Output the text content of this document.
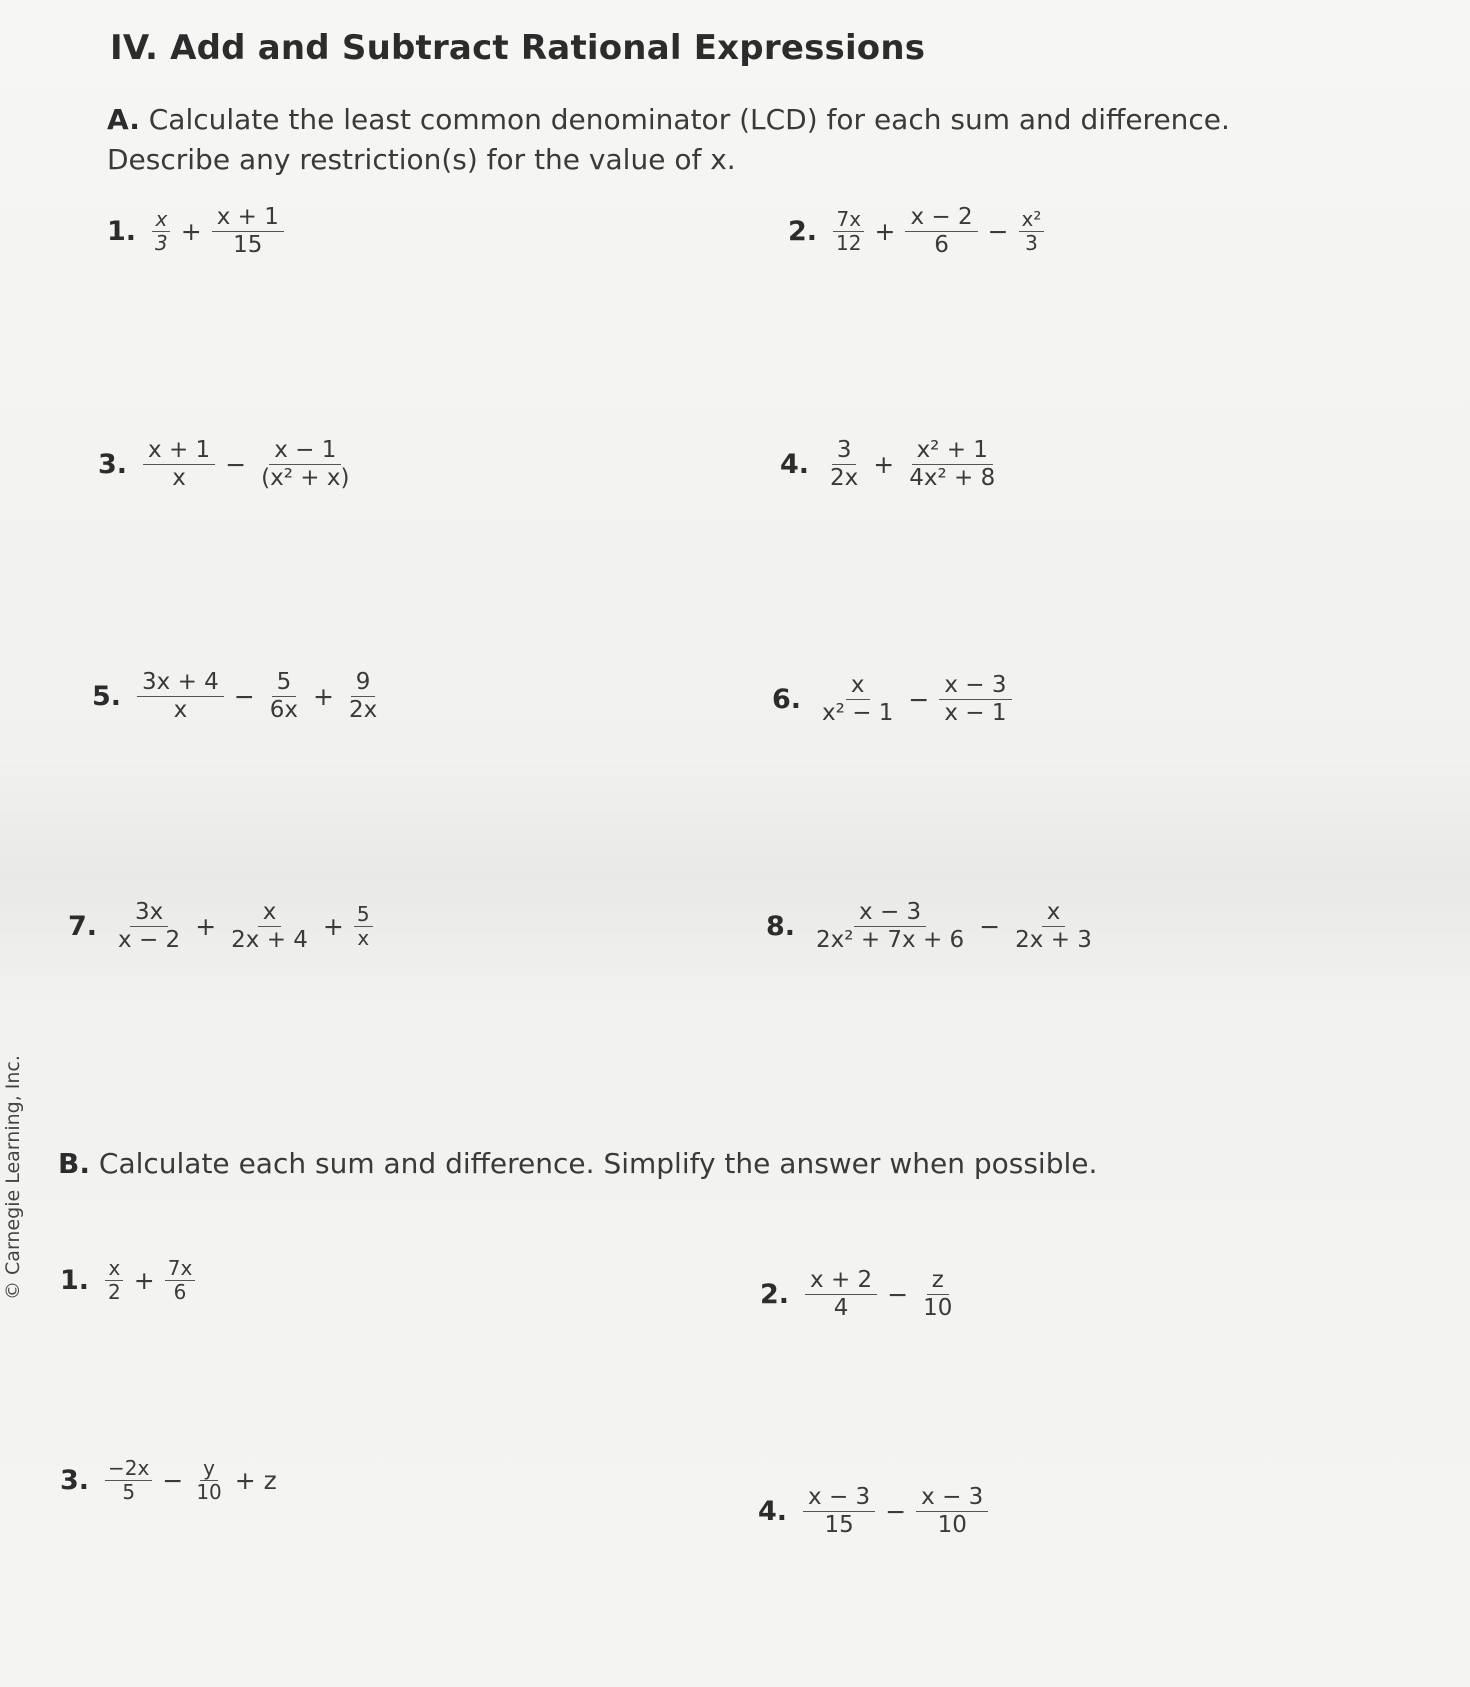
IV. Add and Subtract Rational Expressions
A. Calculate the least common denominator (LCD) for each sum and difference. Describe any restriction(s) for the value of x.
1. $\frac{x}{3} + \frac{x + 1}{15}$	2. $\frac{7x}{12} + \frac{x - 2}{6} - \frac{\text{x²}}{3}$
3. $\frac{x + 1}{x} - \frac{x - 1}{\text{(x² + x)}}$	4. $\frac{3}{2x} + \frac{\text{x² + 1}}{\text{4x² + 8}}$
5. $\frac{3x + 4}{x} - \frac{5}{6x} + \frac{9}{2x}$	6. $\frac{x}{\text{x² − 1}} - \frac{x - 3}{x - 1}$
7. $\frac{3x}{x - 2} + \frac{x}{2x + 4} + \frac{5}{x}$	8. $\frac{x - 3}{\text{2x² + 7x + 6}} - \frac{x}{2x + 3}$
B. Calculate each sum and difference. Simplify the answer when possible.
1. $\frac{x}{2} + \frac{7x}{6}$	2. $\frac{x + 2}{4} - \frac{z}{10}$
3. $\frac{-2x}{5} - \frac{y}{10} + z$
4. $\frac{x - 3}{15} - \frac{x - 3}{10}$
© Carnegie Learning, Inc.
